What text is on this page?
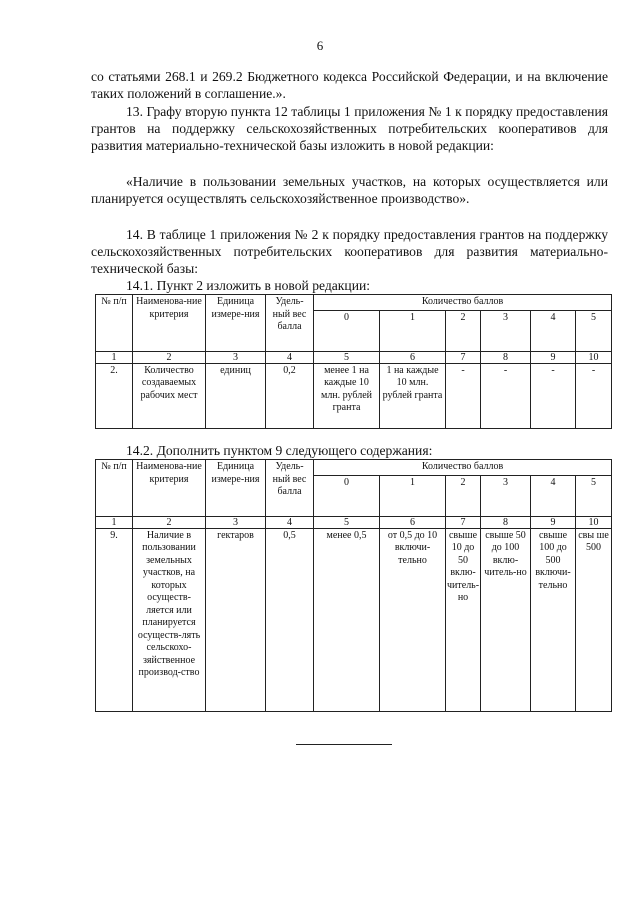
6

со статьями 268.1 и 269.2 Бюджетного кодекса Российской Федерации, и на включение таких положений в соглашение.».

13. Графу вторую пункта 12 таблицы 1 приложения № 1 к порядку предоставления грантов на поддержку сельскохозяйственных потребительских кооперативов для развития материально-технической базы изложить в новой редакции:

«Наличие в пользовании земельных участков, на которых осуществляется или планируется осуществлять сельскохозяйственное производство».

14. В таблице 1 приложения № 2 к порядку предоставления грантов на поддержку сельскохозяйственных потребительских кооперативов для развития материально-технической базы:

14.1. Пункт 2 изложить в новой редакции:

№ п/п	Наименова-ние критерия	Единица измере-ния	Удель-ный вес балла	Количество баллов					
				0	1	2	3	4	5
1	2	3	4	5	6	7	8	9	10
2.	Количество создаваемых рабочих мест	единиц	0,2	менее 1 на каждые 10 млн. рублей гранта	1 на каждые 10 млн. рублей гранта	-	-	-	-

14.2. Дополнить пунктом 9 следующего содержания:

№ п/п	Наименова-ние критерия	Единица измере-ния	Удель-ный вес балла	Количество баллов					
				0	1	2	3	4	5
1	2	3	4	5	6	7	8	9	10
9.	Наличие в пользовании земельных участков, на которых осуществ-ляется или планируется осуществ-лять сельскохо-зяйственное производ-ство	гектаров	0,5	менее 0,5	от 0,5 до 10 включи-тельно	свыше 10 до 50 вклю-читель-но	свыше 50 до 100 вклю-читель-но	свыше 100 до 500 включи-тельно	свы ше 500
